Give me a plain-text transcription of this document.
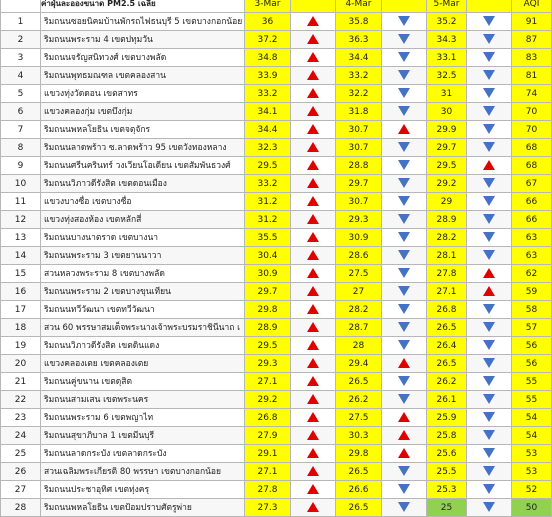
	ค่าฝุ่นละอองขนาด PM2.5 เฉลี่ย	3-Mar		4-Mar		5-Mar		AQI
1	ริมถนนซอยนิคมบ้านพักรถไฟธนบุรี 5 เขตบางกอกน้อย	36		35.8		35.2		91
2	ริมถนนพระราม 4 เขตปทุมวัน	37.2		36.3		34.3		87
3	ริมถนนจรัญสนิทวงศ์ เขตบางพลัด	34.8		34.4		33.1		83
4	ริมถนนพุทธมณฑล เขตคลองสาน	33.9		33.2		32.5		81
5	แขวงทุ่งวัดดอน เขตสาทร	33.2		32.2		31		74
6	แขวงคลองกุ่ม เขตบึงกุ่ม	34.1		31.8		30		70
7	ริมถนนพหลโยธิน เขตจตุจักร	34.4		30.7		29.9		70
8	ริมถนนลาดพร้าว ซ.ลาดพร้าว 95 เขตวังทองหลาง	32.3		30.7		29.7		68
9	ริมถนนศรีนครินทร์ วงเวียนโอเดียน เขตสัมพันธวงศ์	29.5		28.8		29.5		68
10	ริมถนนวิภาวดีรังสิต เขตดอนเมือง	33.2		29.7		29.2		67
11	แขวงบางซื่อ เขตบางซื่อ	31.2		30.7		29		66
12	แขวงทุ่งสองห้อง เขตหลักสี่	31.2		29.3		28.9		66
13	ริมถนนบางนาตราด เขตบางนา	35.5		30.9		28.2		63
14	ริมถนนพระราม 3 เขตยานนาวา	30.4		28.6		28.1		63
15	สวนหลวงพระราม 8 เขตบางพลัด	30.9		27.5		27.8		62
16	ริมถนนพระราม 2 เขตบางขุนเทียน	29.7		27		27.1		59
17	ริมถนนทวีวัฒนา เขตทวีวัฒนา	29.8		28.2		26.8		58
18	สวน 60 พรรษาสมเด็จพระนางเจ้าพระบรมราชินีนาถ เ	28.9		28.7		26.5		57
19	ริมถนนวิภาวดีรังสิต เขตดินแดง	29.5		28		26.4		56
20	แขวงคลองเตย เขตคลองเตย	29.3		29.4		26.5		56
21	ริมถนนคู่ขนาน เขตดุสิต	27.1		26.5		26.2		55
22	ริมถนนสามเสน เขตพระนคร	29.2		26.2		26.1		55
23	ริมถนนพระราม 6 เขตพญาไท	26.8		27.5		25.9		54
24	ริมถนนสุขาภิบาล 1 เขตมีนบุรี	27.9		30.3		25.8		54
25	ริมถนนลาดกระบัง เขตลาดกระบัง	29.1		29.8		25.6		53
26	สวนเฉลิมพระเกียรติ 80 พรรษา เขตบางกอกน้อย	27.1		26.5		25.5		53
27	ริมถนนประชาอุทิศ เขตทุ่งครุ	27.8		26.6		25.3		52
28	ริมถนนพหลโยธิน เขตป้อมปราบศัตรูพ่าย	27.3		26.5		25		50
